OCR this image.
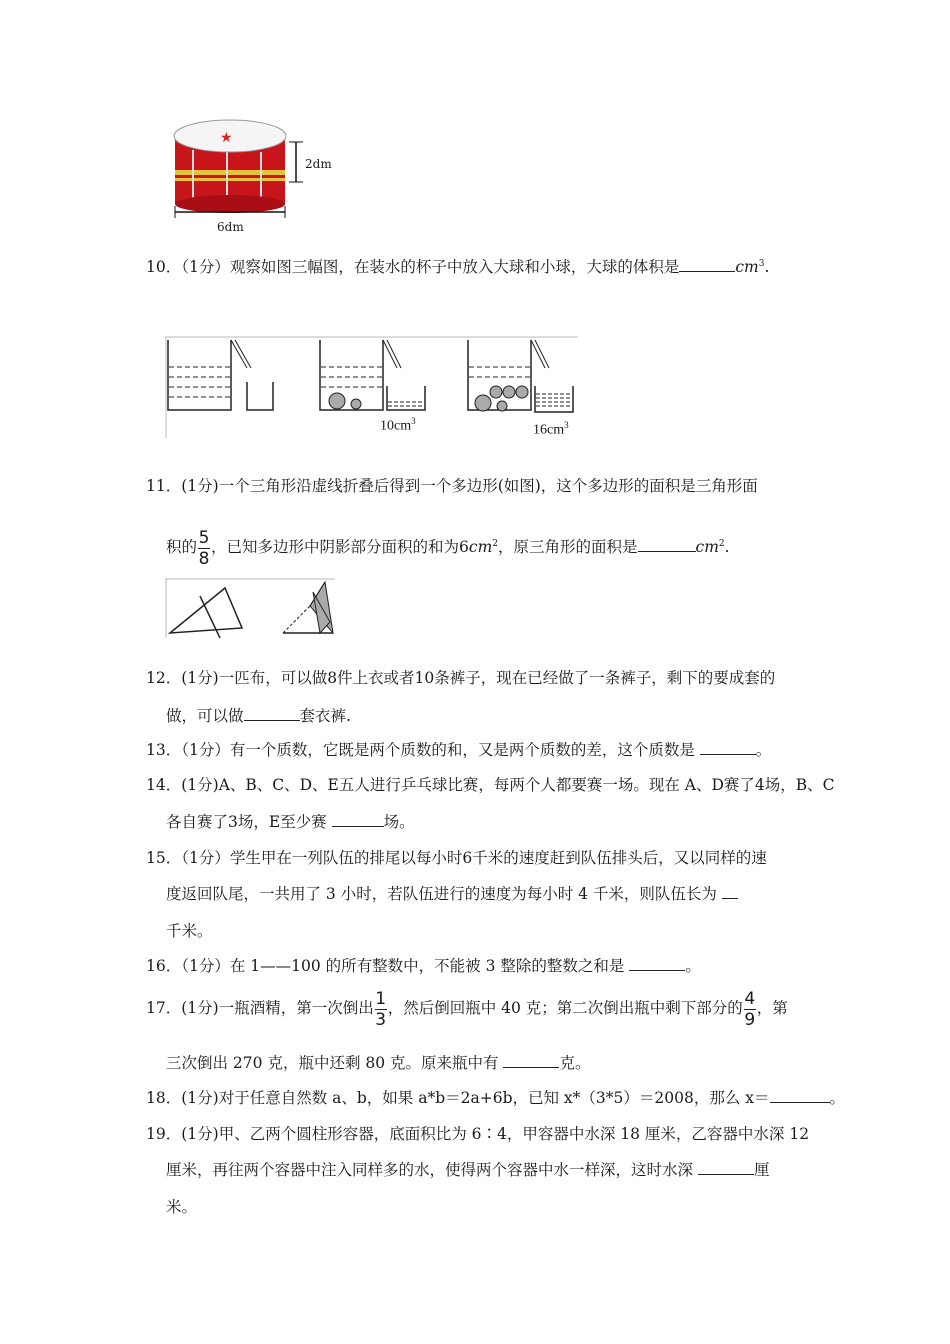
★
2dm
6dm
10．（1分）观察如图三幅图，在装水的杯子中放入大球和小球，大球的体积是	$cm^3$.
$10cm^3$
$16cm^3$
11．(1分)一个三角形沿虚线折叠后得到一个多边形(如图)，这个多边形的面积是三角形面
积的 $\frac{5}{8}$ ，已知多边形中阴影部分面积的和为$6cm^2$，原三角形的面积是	$cm^2$.
12．(1分)一匹布，可以做8件上衣或者10条裤子，现在已经做了一条裤子，剩下的要成套的
做，可以做	套衣裤.
13．（1分）有一个质数，它既是两个质数的和，又是两个质数的差，这个质数是	。
14．(1分)A、B、C、D、E五人进行乒乓球比赛，每两个人都要赛一场。现在 A、D赛了4场，B、C
各自赛了3场，E至少赛	场。
15．（1分）学生甲在一列队伍的排尾以每小时6千米的速度赶到队伍排头后，又以同样的速
度返回队尾，一共用了 3 小时，若队伍进行的速度为每小时 4 千米，则队伍长为
千米。
16．（1分）在 1——100 的所有整数中，不能被 3 整除的整数之和是	。
17．(1分)一瓶酒精，第一次倒出 $\frac{1}{3}$ ，然后倒回瓶中 40 克；第二次倒出瓶中剩下部分的 $\frac{4}{9}$ ，第
三次倒出 270 克，瓶中还剩 80 克。原来瓶中有	克。
18．(1分)对于任意自然数 a、b，如果 a*b＝2a+6b，已知 x*（3*5）＝2008，那么 x＝	。
19．(1分)甲、乙两个圆柱形容器，底面积比为 6∶4，甲容器中水深 18 厘米，乙容器中水深 12
厘米，再往两个容器中注入同样多的水，使得两个容器中水一样深，这时水深	厘
米。
